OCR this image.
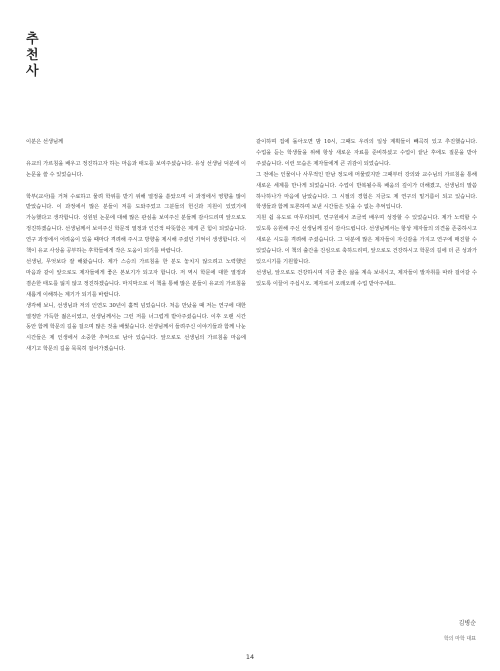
추천사

이분은 선생님께

유교의 가르침을 배우고 정진하고자 하는 마음과 태도를 보여주셨습니다. 유성 선생님 덕분에 이 논문을 쓸 수 있었습니다.

학부(교사)를 거쳐 수료하고 물려 학위를 받기 위해 열정을 쏟았으며 이 과정에서 영향을 많이 받았습니다. 이 과정에서 많은 분들이 저를 도와주었고 그분들의 헌신과 지원이 있었기에 가능했다고 생각합니다. 성원된 논문에 대해 많은 관심을 보여주신 분들께 감사드리며 앞으로도 정진하겠습니다. 선생님께서 보여주신 학문적 열정과 인간적 따뜻함은 제게 큰 힘이 되었습니다. 연구 과정에서 어려움이 있을 때마다 격려해 주시고 방향을 제시해 주셨던 기억이 생생합니다. 이 책이 유교 사상을 공부하는 후학들에게 작은 도움이 되기를 바랍니다.

선생님, 무엇보다 잘 해왔습니다. 제가 스승의 가르침을 한 분도 놓치지 않으려고 노력했던 마음과 같이 앞으로도 제자들에게 좋은 본보기가 되고자 합니다. 저 역시 학문에 대한 열정과 겸손한 태도를 잃지 않고 정진하겠습니다. 마지막으로 이 책을 통해 많은 분들이 유교의 가르침을 새롭게 이해하는 계기가 되기를 바랍니다.

생각해 보니, 선생님과 저의 인연도 30년이 훌쩍 넘었습니다. 처음 만났을 때 저는 연구에 대한 열정만 가득한 젊은이였고, 선생님께서는 그런 저를 너그럽게 받아주셨습니다. 이후 오랜 시간 동안 함께 학문의 길을 걸으며 많은 것을 배웠습니다. 선생님께서 들려주신 이야기들과 함께 나눈 시간들은 제 인생에서 소중한 추억으로 남아 있습니다. 앞으로도 선생님의 가르침을 마음에 새기고 학문의 길을 묵묵히 걸어가겠습니다.

같이하며 집에 돌아오면 밤 10시, 그때도 우리의 일상 계획들이 빼곡히 있고 추진했습니다. 수업을 듣는 학생들을 위해 항상 새로운 자료를 준비하셨고 수업이 끝난 후에도 질문을 받아 주셨습니다. 이런 모습은 제자들에게 큰 귀감이 되었습니다.

그 전에는 인물이나 사무적인 만남 정도에 머물렀지만 그때부터 강의와 교수님의 가르침을 통해 새로운 세계를 만나게 되었습니다. 수업이 반복될수록 배움의 깊이가 더해졌고, 선생님의 말씀 하나하나가 마음에 남았습니다. 그 시절의 경험은 지금도 제 연구의 밑거름이 되고 있습니다. 학생들과 함께 토론하며 보낸 시간들은 잊을 수 없는 추억입니다.

지원 쉽 유도로 마무리되며, 연구원에서 조금씩 배우며 성장할 수 있었습니다. 제가 노력할 수 있도록 응원해 주신 선생님께 깊이 감사드립니다. 선생님께서는 항상 제자들의 의견을 존중하시고 새로운 시도를 격려해 주셨습니다. 그 덕분에 많은 제자들이 자신감을 가지고 연구에 매진할 수 있었습니다. 이 책의 출간을 진심으로 축하드리며, 앞으로도 건강하시고 학문의 길에 더 큰 성과가 있으시기를 기원합니다.

선생님, 앞으로도 건강하시며 지금 좋은 삶을 계속 보내시고, 제자들이 발자취를 따라 걸어갈 수 있도록 이끌어 주십시오. 제자로서 오래오래 수업 받아주세요.

김병순
학의 마학 대표
14
